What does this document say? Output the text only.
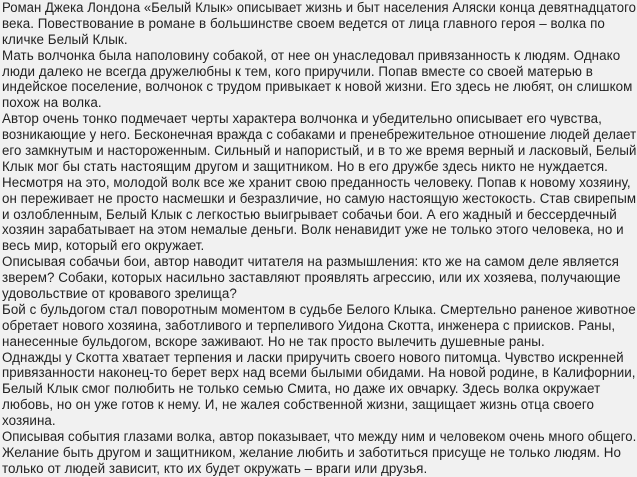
Роман Джека Лондона «Белый Клык» описывает жизнь и быт населения Аляски конца девятнадцатого
века. Повествование в романе в большинстве своем ведется от лица главного героя – волка по
кличке Белый Клык.
Мать волчонка была наполовину собакой, от нее он унаследовал привязанность к людям. Однако
люди далеко не всегда дружелюбны к тем, кого приручили. Попав вместе со своей матерью в
индейское поселение, волчонок с трудом привыкает к новой жизни. Его здесь не любят, он слишком
похож на волка.
Автор очень тонко подмечает черты характера волчонка и убедительно описывает его чувства,
возникающие у него. Бесконечная вражда с собаками и пренебрежительное отношение людей делает
его замкнутым и настороженным. Сильный и напористый, и в то же время верный и ласковый, Белый
Клык мог бы стать настоящим другом и защитником. Но в его дружбе здесь никто не нуждается.
Несмотря на это, молодой волк все же хранит свою преданность человеку. Попав к новому хозяину,
он переживает не просто насмешки и безразличие, но самую настоящую жестокость. Став свирепым
и озлобленным, Белый Клык с легкостью выигрывает собачьи бои. А его жадный и бессердечный
хозяин зарабатывает на этом немалые деньги. Волк ненавидит уже не только этого человека, но и
весь мир, который его окружает.
Описывая собачьи бои, автор наводит читателя на размышления: кто же на самом деле является
зверем? Собаки, которых насильно заставляют проявлять агрессию, или их хозяева, получающие
удовольствие от кровавого зрелища?
Бой с бульдогом стал поворотным моментом в судьбе Белого Клыка. Смертельно раненое животное
обретает нового хозяина, заботливого и терпеливого Уидона Скотта, инженера с приисков. Раны,
нанесенные бульдогом, вскоре заживают. Но не так просто вылечить душевные раны.
Однажды у Скотта хватает терпения и ласки приручить своего нового питомца. Чувство искренней
привязанности наконец-то берет верх над всеми былыми обидами. На новой родине, в Калифорнии,
Белый Клык смог полюбить не только семью Смита, но даже их овчарку. Здесь волка окружает
любовь, но он уже готов к нему. И, не жалея собственной жизни, защищает жизнь отца своего
хозяина.
Описывая события глазами волка, автор показывает, что между ним и человеком очень много общего.
Желание быть другом и защитником, желание любить и заботиться присуще не только людям. Но
только от людей зависит, кто их будет окружать – враги или друзья.
